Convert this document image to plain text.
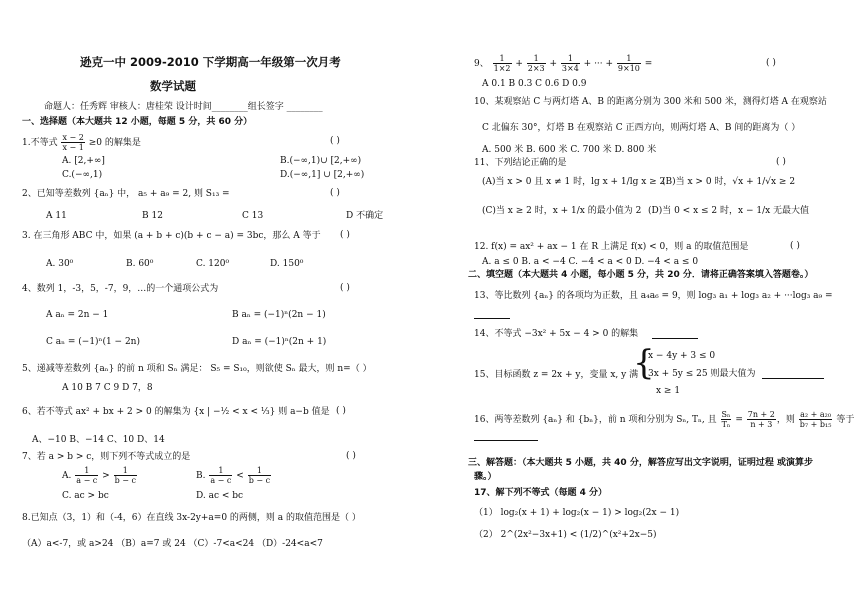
逊克一中 2009-2010 下学期高一年级第一次月考
数学试题
命题人：任秀辉 审核人：唐桂荣 设计时间________组长签字 ________
一、选择题（本大题共 12 小题，每题 5 分，共 60 分）
1.不等式 $\frac{x - 2}{x - 1} \ge 0$ 的解集是	( )
A. [2,+∞]	B.(−∞,1)∪ [2,+∞)
C.(−∞,1)	D.(−∞,1] ∪ [2,+∞)
2、已知等差数列 {aₙ} 中， a₅ + a₉ = 2, 则 S₁₃ =	( )
A 11	B 12	C 13	D 不确定
3. 在三角形 ABC 中，如果 (a + b + c)(b + c − a) = 3bc，那么 A 等于 ( )
A. 30⁰	B. 60⁰	C. 120⁰	D. 150⁰
4、数列 1，-3，5，-7，9，…的一个通项公式为	( )
A aₙ = 2n − 1	B aₙ = (−1)ⁿ(2n − 1)
C aₙ = (−1)ⁿ(1 − 2n)	D aₙ = (−1)ⁿ(2n + 1)
5、递减等差数列 {aₙ} 的前 n 项和 Sₙ 满足： S₅ = S₁₀，则欲使 Sₙ 最大，则 n=（ ）
A 10 B 7 C 9 D 7，8
6、若不等式 ax² + bx + 2 > 0 的解集为 {x | −½ < x < ⅓} 则 a−b 值是 ( )
A、−10 B、−14 C、10 D、14
7、若 a > b > c，则下列不等式成立的是	( )
A. $\frac{1}{a - c} > \frac{1}{b - c}$	B. $\frac{1}{a - c} < \frac{1}{b - c}$
C. ac > bc	D. ac < bc
8.已知点（3，1）和（-4，6）在直线 3x-2y+a=0 的两侧，则 a 的取值范围是（ ）
（A）a<-7，或 a>24 （B）a=7 或 24 （C）-7<a<24 （D）-24<a<7
9、 $\frac{1}{1\times 2} + \frac{1}{2\times 3} + \frac{1}{3\times 4}$ + ··· + $\frac{1}{9\times 10}$ =	( )
A 0.1 B 0.3 C 0.6 D 0.9
10、某观察站 C 与两灯塔 A、B 的距离分别为 300 米和 500 米，测得灯塔 A 在观察站
C 北偏东 30°，灯塔 B 在观察站 C 正西方向，则两灯塔 A、B 间的距离为（ ）
A. 500 米 B. 600 米 C. 700 米 D. 800 米
11、下列结论正确的是	( )
(A)当 x > 0 且 x ≠ 1 时，lg x + 1/lg x ≥ 2
(B)当 x > 0 时，√x + 1/√x ≥ 2
(C)当 x ≥ 2 时，x + 1/x 的最小值为 2 (D)当 0 < x ≤ 2 时，x − 1/x 无最大值
12. f(x) = ax² + ax − 1 在 R 上满足 f(x) < 0，则 a 的取值范围是	( )
A. a ≤ 0 B. a < −4 C. −4 < a < 0 D. −4 < a ≤ 0
二、填空题（本大题共 4 小题，每小题 5 分，共 20 分．请将正确答案填入答题卷。）
13、等比数列 {aₙ} 的各项均为正数，且 a₄a₆ = 9，则 log₃ a₁ + log₃ a₂ + ···log₃ a₉ =
14、不等式 −3x² + 5x − 4 > 0 的解集
15、目标函数 z = 2x + y，变量 x, y 满
{
x − 4y + 3 ≤ 0
3x + 5y ≤ 25 则最大值为
x ≥ 1
16、两等差数列 {aₙ} 和 {bₙ}，前 n 项和分别为 Sₙ, Tₙ, 且 $\frac{\text{Sₙ}}{\text{Tₙ}} = \frac{7n + 2}{n + 3}$ ，则 $\frac{\text{a₂ + a₂₀}}{\text{b₇ + b₁₅}}$ 等于
三、解答题：（本大题共 5 小题，共 40 分，解答应写出文字说明，证明过程 或演算步
骤。）
17、解下列不等式（每题 4 分）
（1） log₂(x + 1) + log₂(x − 1) > log₂(2x − 1)
（2） 2^(2x²−3x+1) < (1/2)^(x²+2x−5)
